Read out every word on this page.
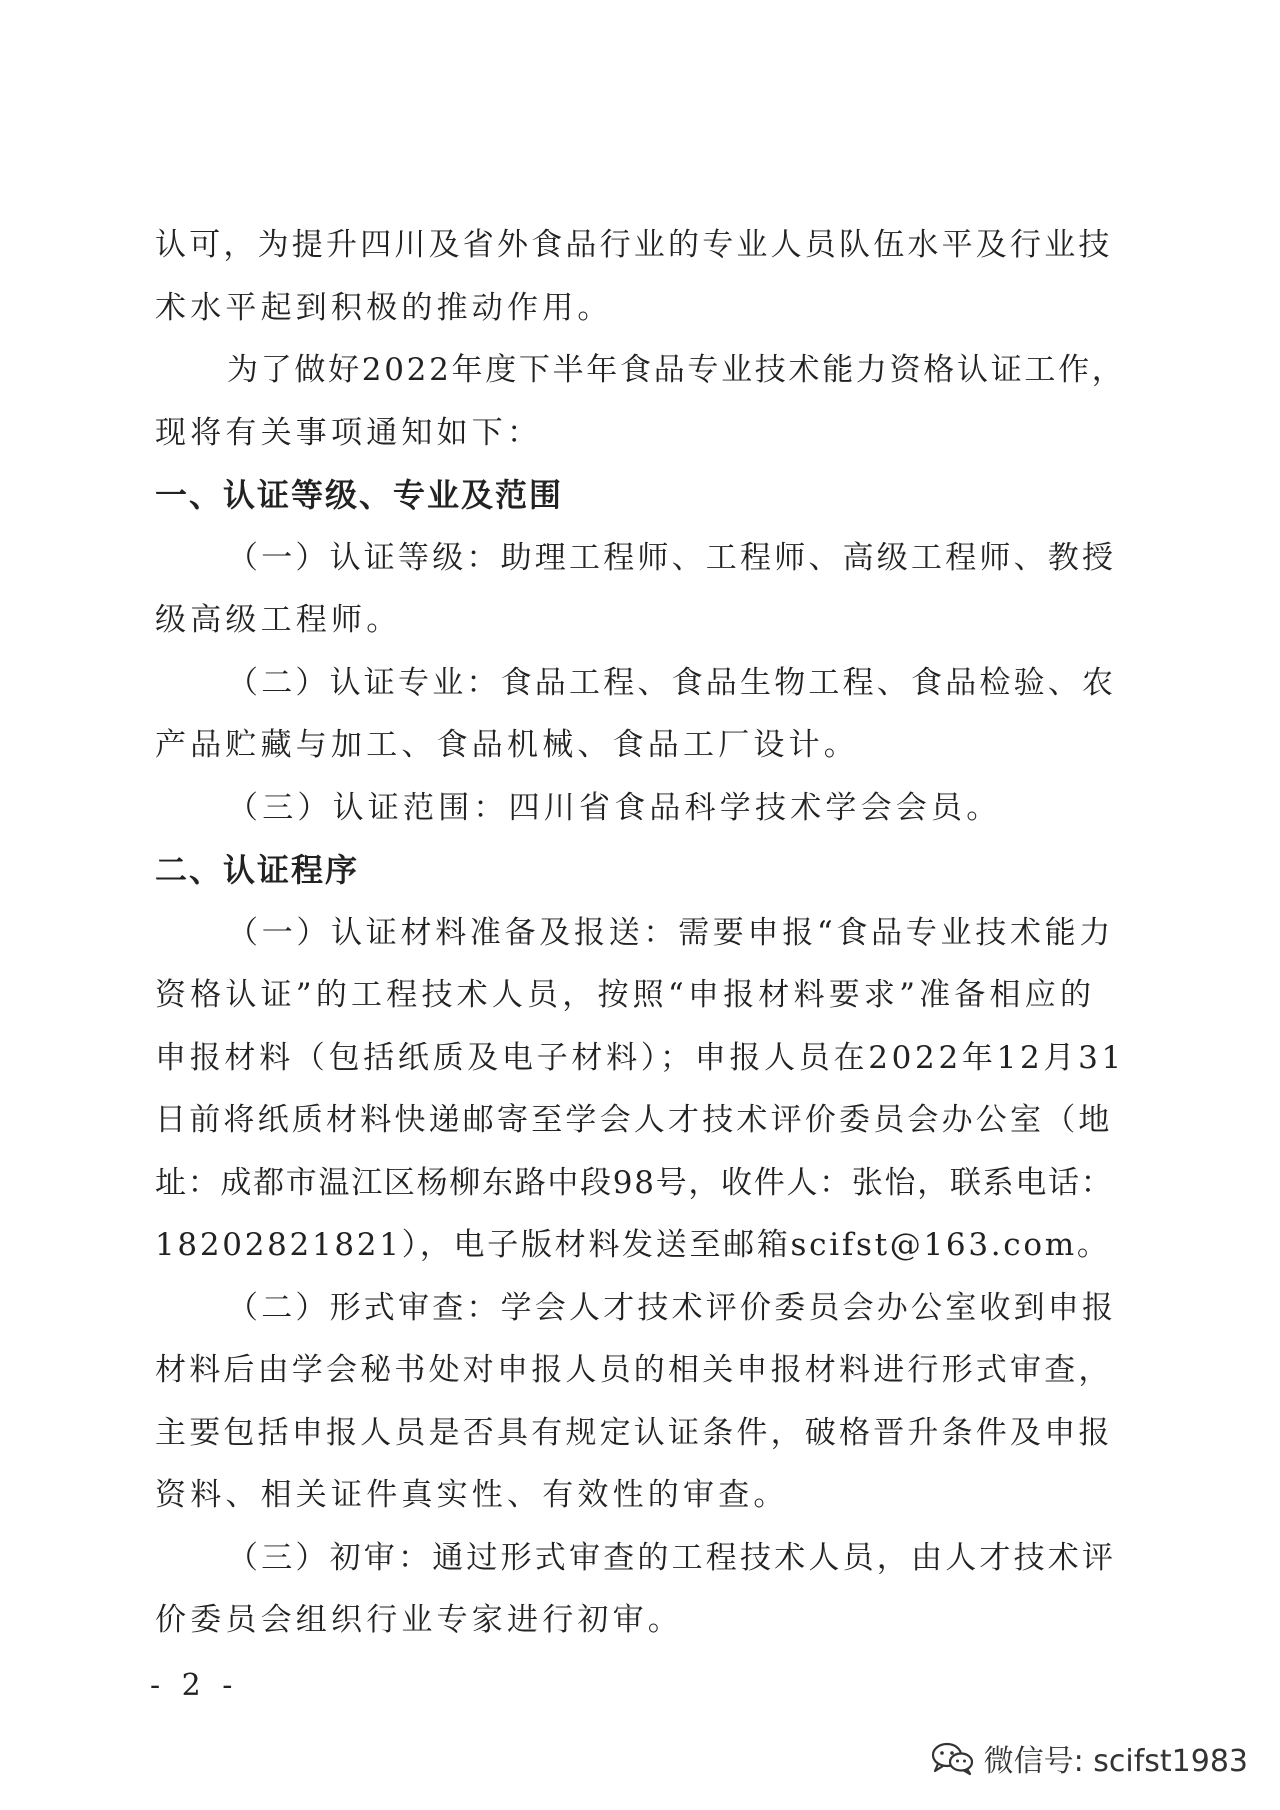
认可，为提升四川及省外食品行业的专业人员队伍水平及行业技
术水平起到积极的推动作用。
为了做好2022年度下半年食品专业技术能力资格认证工作，
现将有关事项通知如下：
一、认证等级、专业及范围
（一）认证等级：助理工程师、工程师、高级工程师、教授
级高级工程师。
（二）认证专业：食品工程、食品生物工程、食品检验、农
产品贮藏与加工、食品机械、食品工厂设计。
（三）认证范围：四川省食品科学技术学会会员。
二、认证程序
（一）认证材料准备及报送：需要申报“食品专业技术能力
资格认证”的工程技术人员，按照“申报材料要求”准备相应的
申报材料（包括纸质及电子材料）；申报人员在2022年12月31
日前将纸质材料快递邮寄至学会人才技术评价委员会办公室（地
址：成都市温江区杨柳东路中段98号，收件人：张怡，联系电话：
18202821821），电子版材料发送至邮箱scifst@163.com。
（二）形式审查：学会人才技术评价委员会办公室收到申报
材料后由学会秘书处对申报人员的相关申报材料进行形式审查，
主要包括申报人员是否具有规定认证条件，破格晋升条件及申报
资料、相关证件真实性、有效性的审查。
（三）初审：通过形式审查的工程技术人员，由人才技术评
价委员会组织行业专家进行初审。
- 2 -
微信号: scifst1983
